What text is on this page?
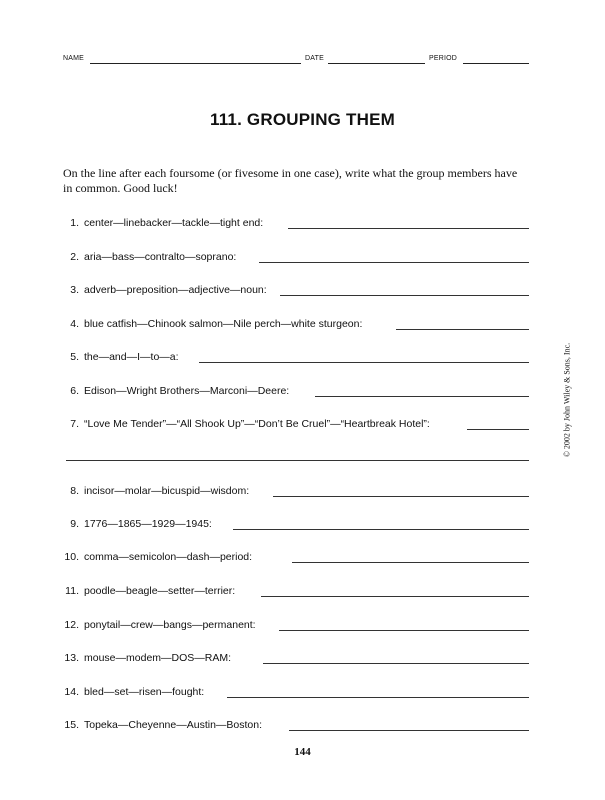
NAME	DATE	PERIOD
111. GROUPING THEM
On the line after each foursome (or fivesome in one case), write what the group members have in common. Good luck!
1. center—linebacker—tackle—tight end:
2. aria—bass—contralto—soprano:
3. adverb—preposition—adjective—noun:
4. blue catfish—Chinook salmon—Nile perch—white sturgeon:
5. the—and—I—to—a:
6. Edison—Wright Brothers—Marconi—Deere:
7. “Love Me Tender”—“All Shook Up”—“Don’t Be Cruel”—“Heartbreak Hotel”:
8. incisor—molar—bicuspid—wisdom:
9. 1776—1865—1929—1945:
10. comma—semicolon—dash—period:
11. poodle—beagle—setter—terrier:
12. ponytail—crew—bangs—permanent:
13. mouse—modem—DOS—RAM:
14. bled—set—risen—fought:
15. Topeka—Cheyenne—Austin—Boston:
© 2002 by John Wiley & Sons, Inc.
144
